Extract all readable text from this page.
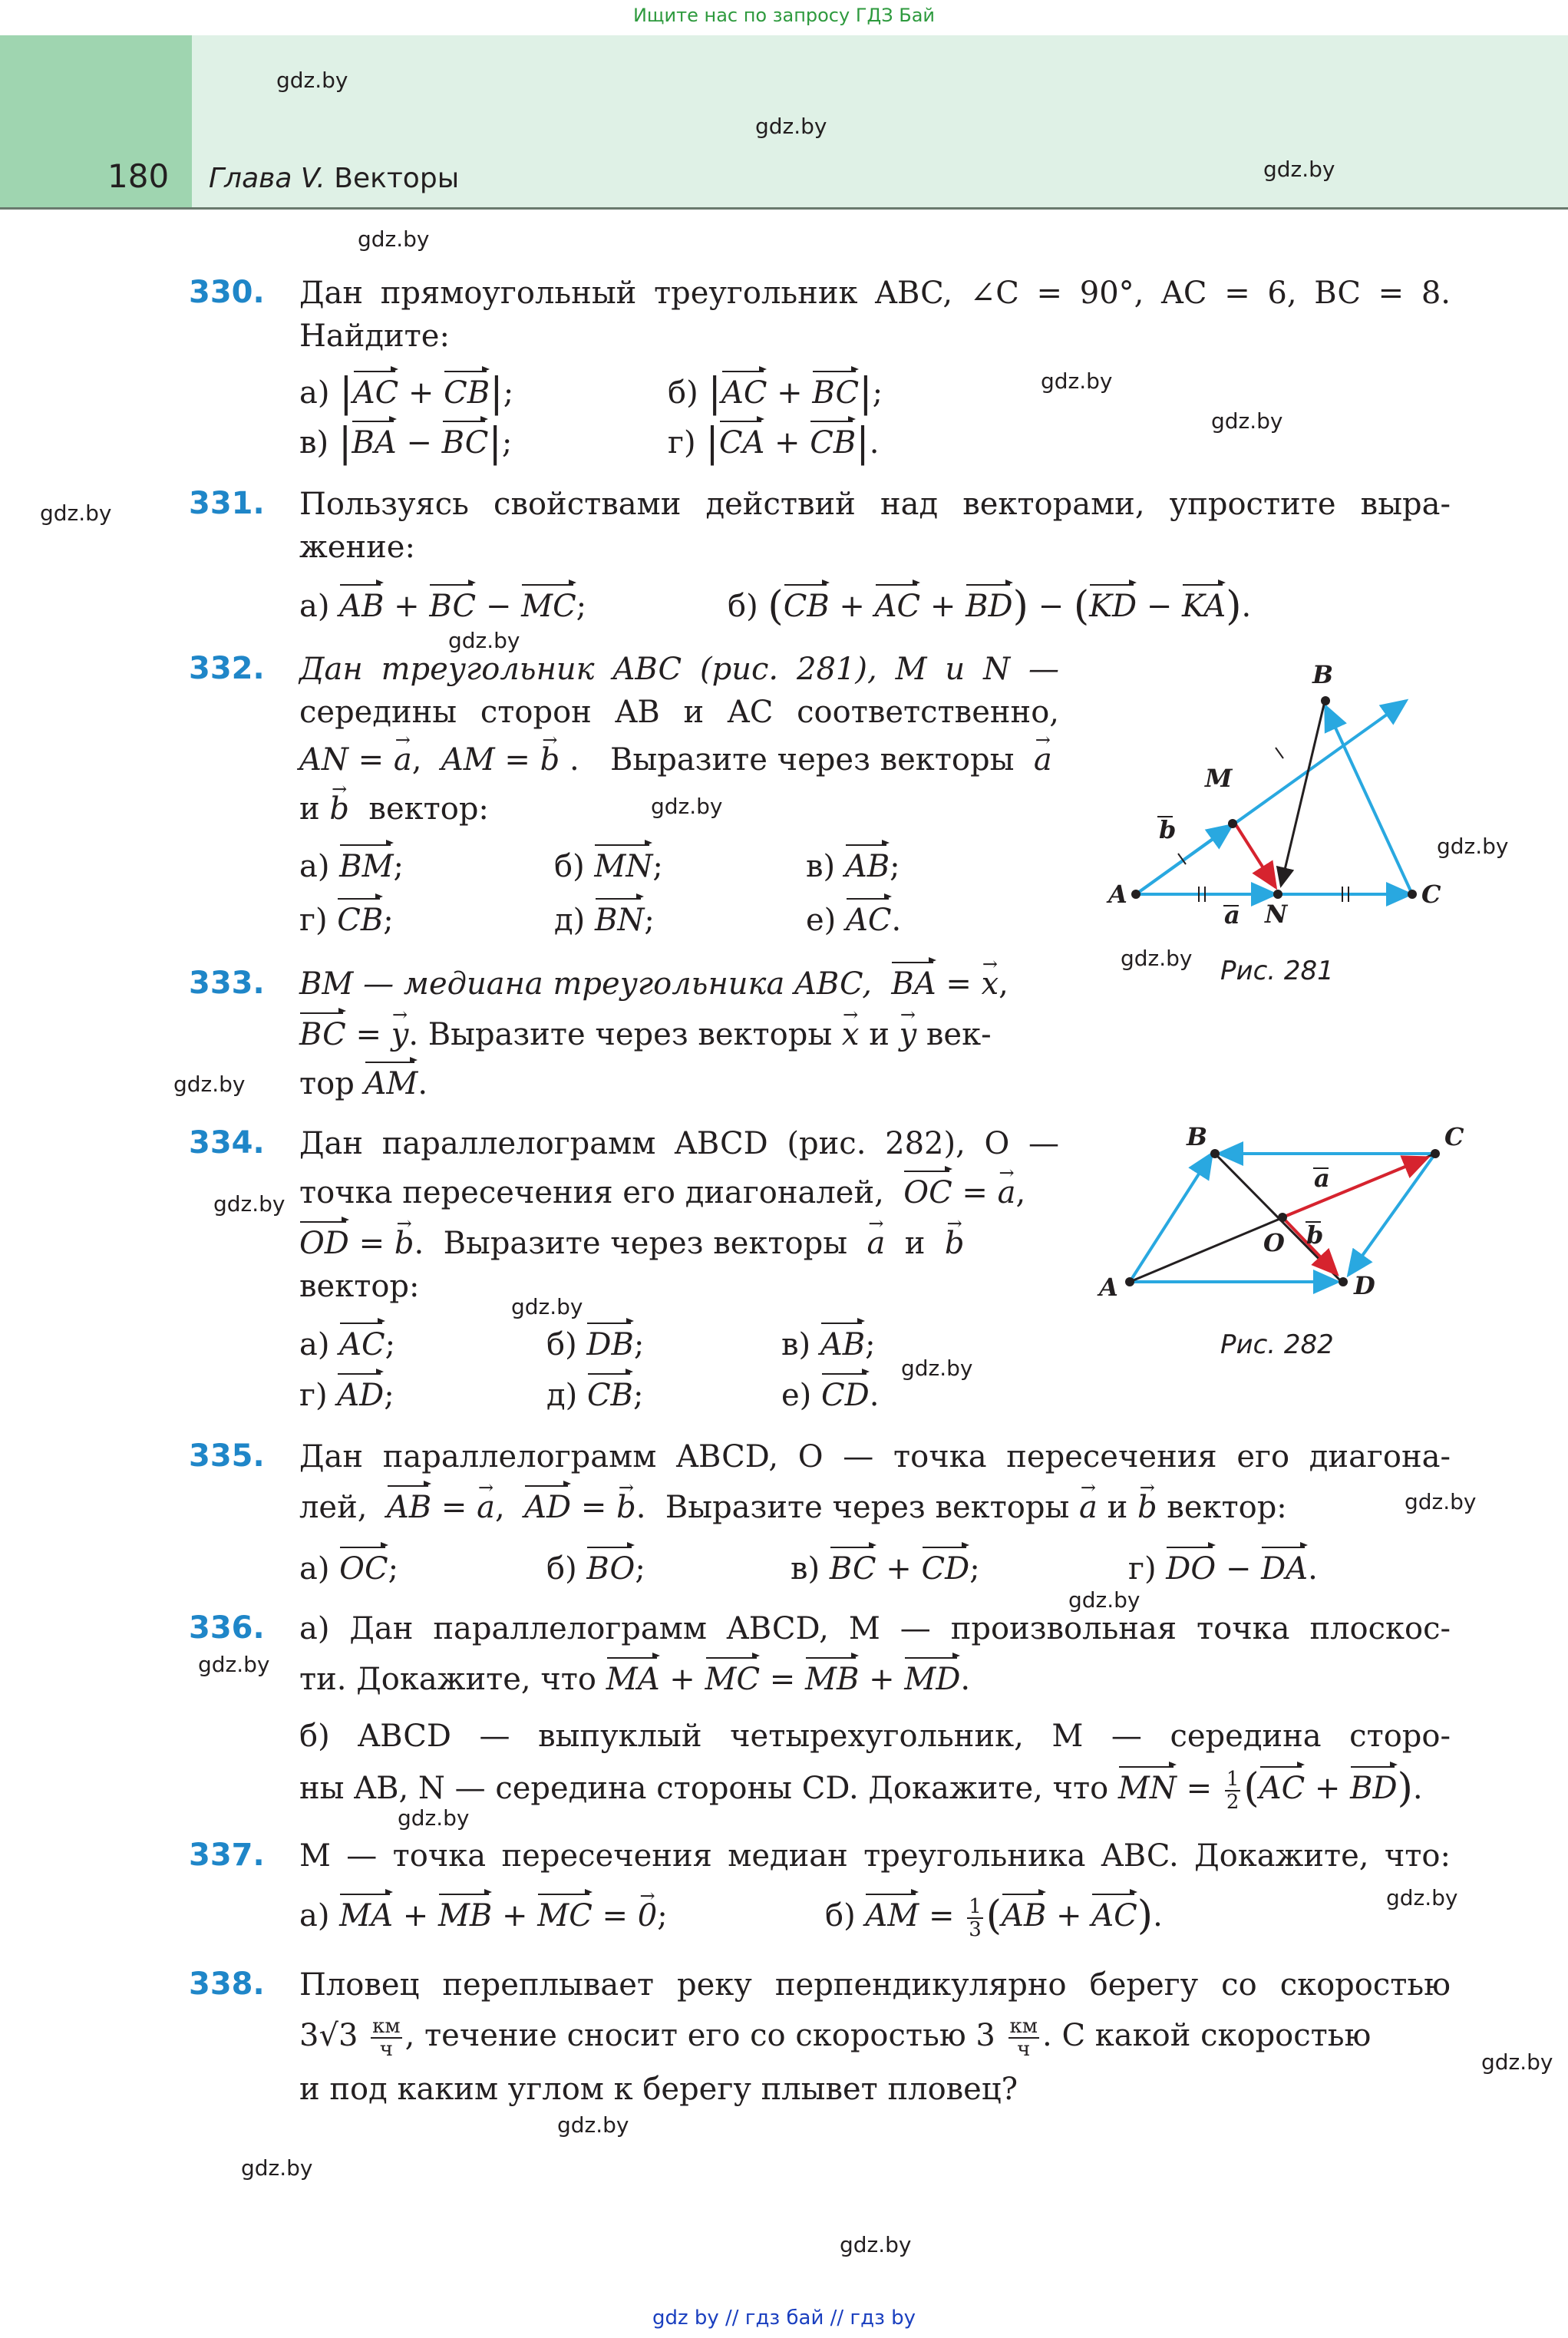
Ищите нас по запросу ГДЗ Бай
180 Глава V. Векторы
gdz.by
gdz.by
gdz.by
gdz.by
gdz.by
gdz.by
gdz.by
gdz.by
gdz.by
gdz.by
gdz.by
gdz.by
gdz.by
gdz.by
gdz.by
gdz.by
gdz.by
gdz.by
gdz.by
gdz.by
gdz.by
gdz.by
gdz.by
gdz.by
330. Дан прямоугольный треугольник ABC, ∠C = 90°, AC = 6, BC = 8.
Найдите:
а) |AC + CB|;	б) |AC + BC|;
в) |BA − BC|;	г) |CA + CB|.
331. Пользуясь свойствами действий над векторами, упростите выра-
жение:
а) AB + BC − MC;	б) (CB + AC + BD) − (KD − KA).
332. Дан треугольник ABC (рис. 281), M и N —
середины сторон AB и AC соответственно,
AN = a →,  AM = b → . Выразите через векторы a →
и b → вектор:
а) BM;	б) MN;	в) AB;
г) CB;	д) BN;	е) AC.
A
B
C
M
N
a
b
Рис. 281
333. BM — медиана треугольника ABC, BA = x →,
BC = y →. Выразите через векторы x → и y → век-
тор AM.
334. Дан параллелограмм ABCD (рис. 282), O —
точка пересечения его диагоналей, OC = a →,
OD = b →.  Выразите через векторы a →  и  b →
вектор:
а) AC;	б) DB;	в) AB;
г) AD;	д) CB;	е) CD.
A
B	C
D
O
a
b
Рис. 282
335. Дан параллелограмм ABCD, O — точка пересечения его диагона-
лей, AB = a →,  AD = b →.  Выразите через векторы a → и b → вектор:
а) OC;	б) BO;	в) BC + CD;	г) DO − DA.
336. а) Дан параллелограмм ABCD, M — произвольная точка плоскос-
ти. Докажите, что MA + MC = MB + MD.
б) ABCD — выпуклый четырехугольник, M — середина сторо-
ны AB, N — середина стороны CD. Докажите, что MN = $\frac{1}{2} (AC + BD)$.
337. M — точка пересечения медиан треугольника ABC. Докажите, что:
а) MA + MB + MC = 0 →;	б) AM = $\frac{1}{3} (AB + AC)$.
338. Пловец переплывает реку перпендикулярно берегу со скоростью
$3√3 \frac{км}{ч}$ , течение сносит его со скоростью $3 \frac{км}{ч}$ . С какой скоростью
и под каким углом к берегу плывет пловец?
gdz by // гдз бай // гдз by
